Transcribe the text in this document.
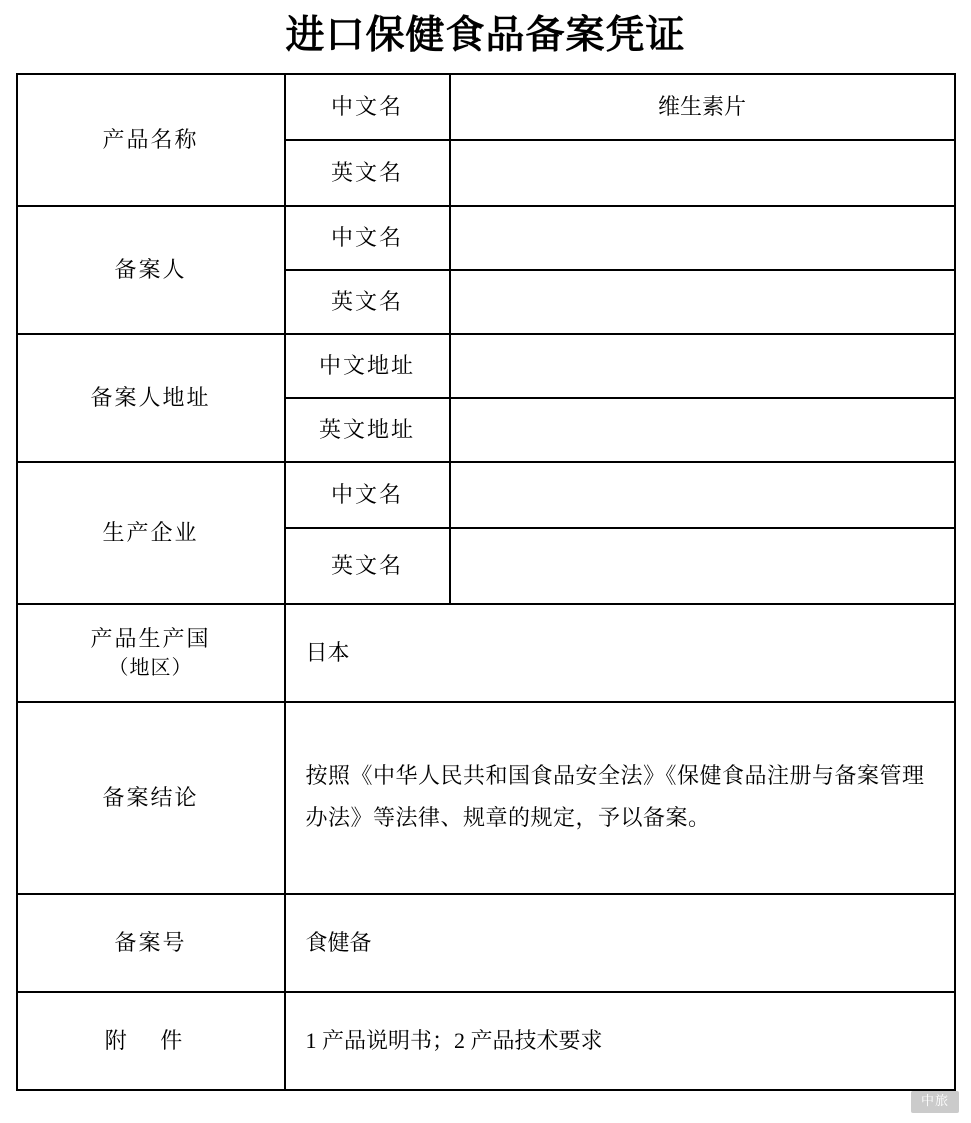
进口保健食品备案凭证
产品名称	中文名	维生素片
	英文名	
备案人	中文名	
	英文名	
备案人地址	中文地址	
	英文地址	
生产企业	中文名	
	英文名	
产品生产国
（地区）	日本	
备案结论	按照《中华人民共和国食品安全法》《保健食品注册与备案管理办法》等法律、规章的规定，予以备案。	
备案号	食健备	
附 件	1 产品说明书；2 产品技术要求	
中旅
